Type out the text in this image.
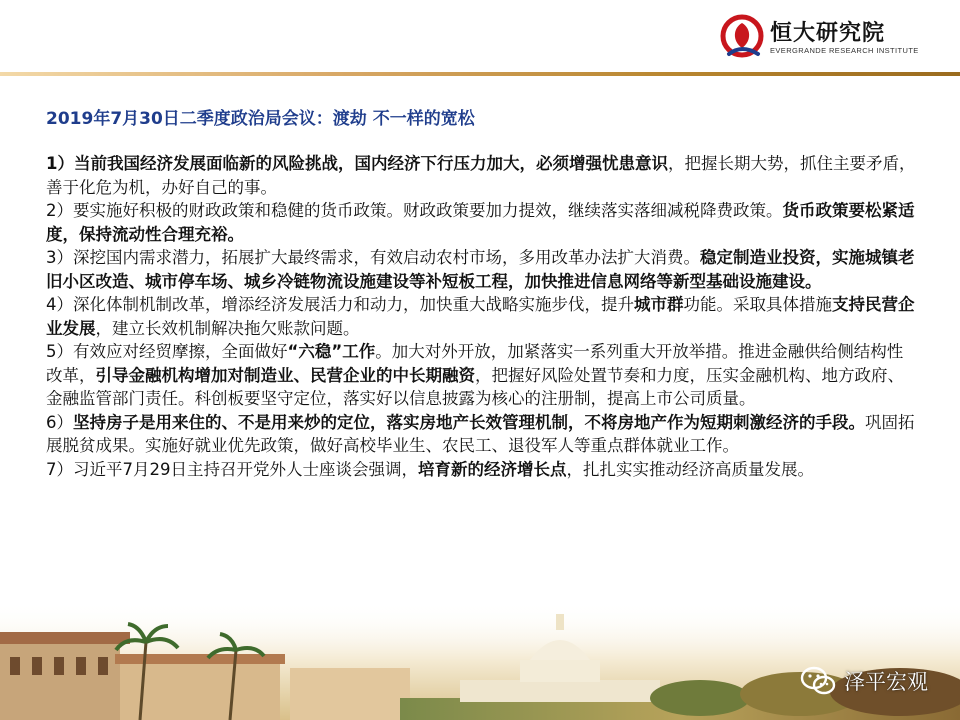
恒大研究院
EVERGRANDE RESEARCH INSTITUTE
2019年7月30日二季度政治局会议：渡劫 不一样的宽松

1）当前我国经济发展面临新的风险挑战，国内经济下行压力加大，必须增强忧患意识，把握长期大势，抓住主要矛盾，善于化危为机，办好自己的事。

2）要实施好积极的财政政策和稳健的货币政策。财政政策要加力提效，继续落实落细减税降费政策。货币政策要松紧适度，保持流动性合理充裕。

3）深挖国内需求潜力，拓展扩大最终需求，有效启动农村市场，多用改革办法扩大消费。稳定制造业投资，实施城镇老旧小区改造、城市停车场、城乡冷链物流设施建设等补短板工程，加快推进信息网络等新型基础设施建设。

4）深化体制机制改革，增添经济发展活力和动力，加快重大战略实施步伐，提升城市群功能。采取具体措施支持民营企业发展，建立长效机制解决拖欠账款问题。

5）有效应对经贸摩擦，全面做好“六稳”工作。加大对外开放，加紧落实一系列重大开放举措。推进金融供给侧结构性改革，引导金融机构增加对制造业、民营企业的中长期融资，把握好风险处置节奏和力度，压实金融机构、地方政府、金融监管部门责任。科创板要坚守定位，落实好以信息披露为核心的注册制，提高上市公司质量。

6）坚持房子是用来住的、不是用来炒的定位，落实房地产长效管理机制，不将房地产作为短期刺激经济的手段。巩固拓展脱贫成果。实施好就业优先政策，做好高校毕业生、农民工、退役军人等重点群体就业工作。

7）习近平7月29日主持召开党外人士座谈会强调，培育新的经济增长点，扎扎实实推动经济高质量发展。

泽平宏观
